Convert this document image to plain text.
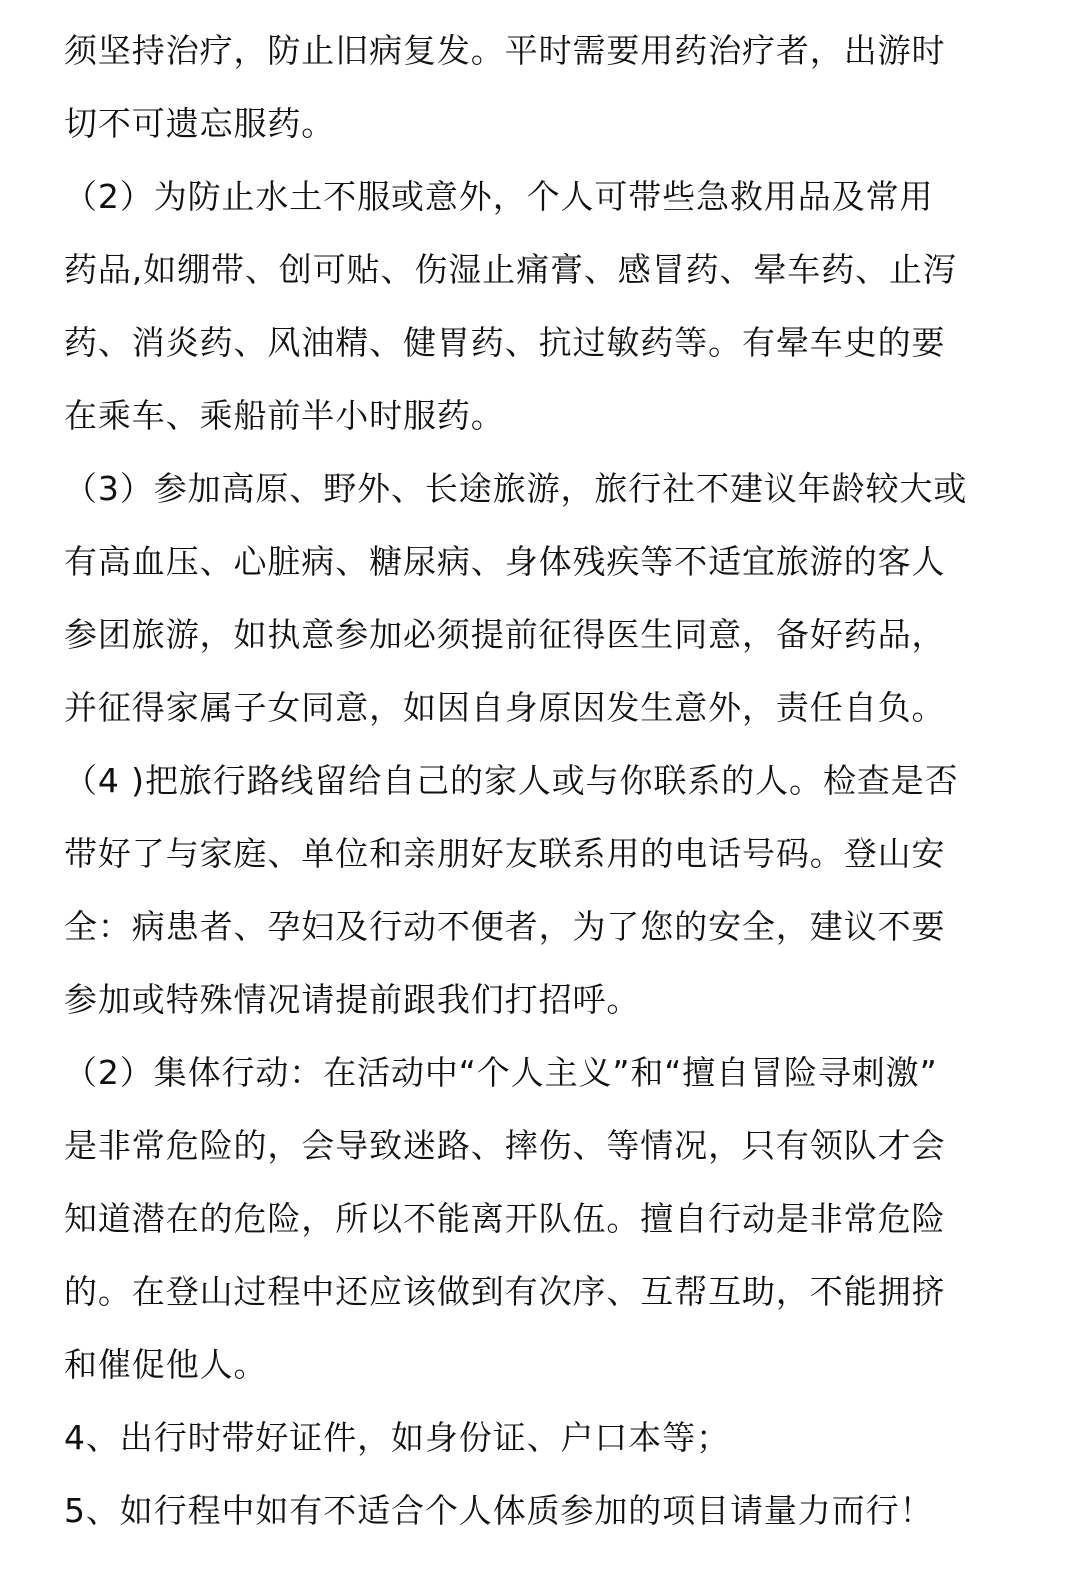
须坚持治疗，防止旧病复发。平时需要用药治疗者，出游时
切不可遗忘服药。
（2）为防止水土不服或意外，个人可带些急救用品及常用
药品,如绷带、创可贴、伤湿止痛膏、感冒药、晕车药、止泻
药、消炎药、风油精、健胃药、抗过敏药等。有晕车史的要
在乘车、乘船前半小时服药。
（3）参加高原、野外、长途旅游，旅行社不建议年龄较大或
有高血压、心脏病、糖尿病、身体残疾等不适宜旅游的客人
参团旅游，如执意参加必须提前征得医生同意，备好药品，
并征得家属子女同意，如因自身原因发生意外，责任自负。
（4 )把旅行路线留给自己的家人或与你联系的人。检查是否
带好了与家庭、单位和亲朋好友联系用的电话号码。登山安
全：病患者、孕妇及行动不便者，为了您的安全，建议不要
参加或特殊情况请提前跟我们打招呼。
（2）集体行动：在活动中“个人主义”和“擅自冒险寻刺激”
是非常危险的，会导致迷路、摔伤、等情况，只有领队才会
知道潜在的危险，所以不能离开队伍。擅自行动是非常危险
的。在登山过程中还应该做到有次序、互帮互助，不能拥挤
和催促他人。
4、出行时带好证件，如身份证、户口本等；
5、如行程中如有不适合个人体质参加的项目请量力而行！
